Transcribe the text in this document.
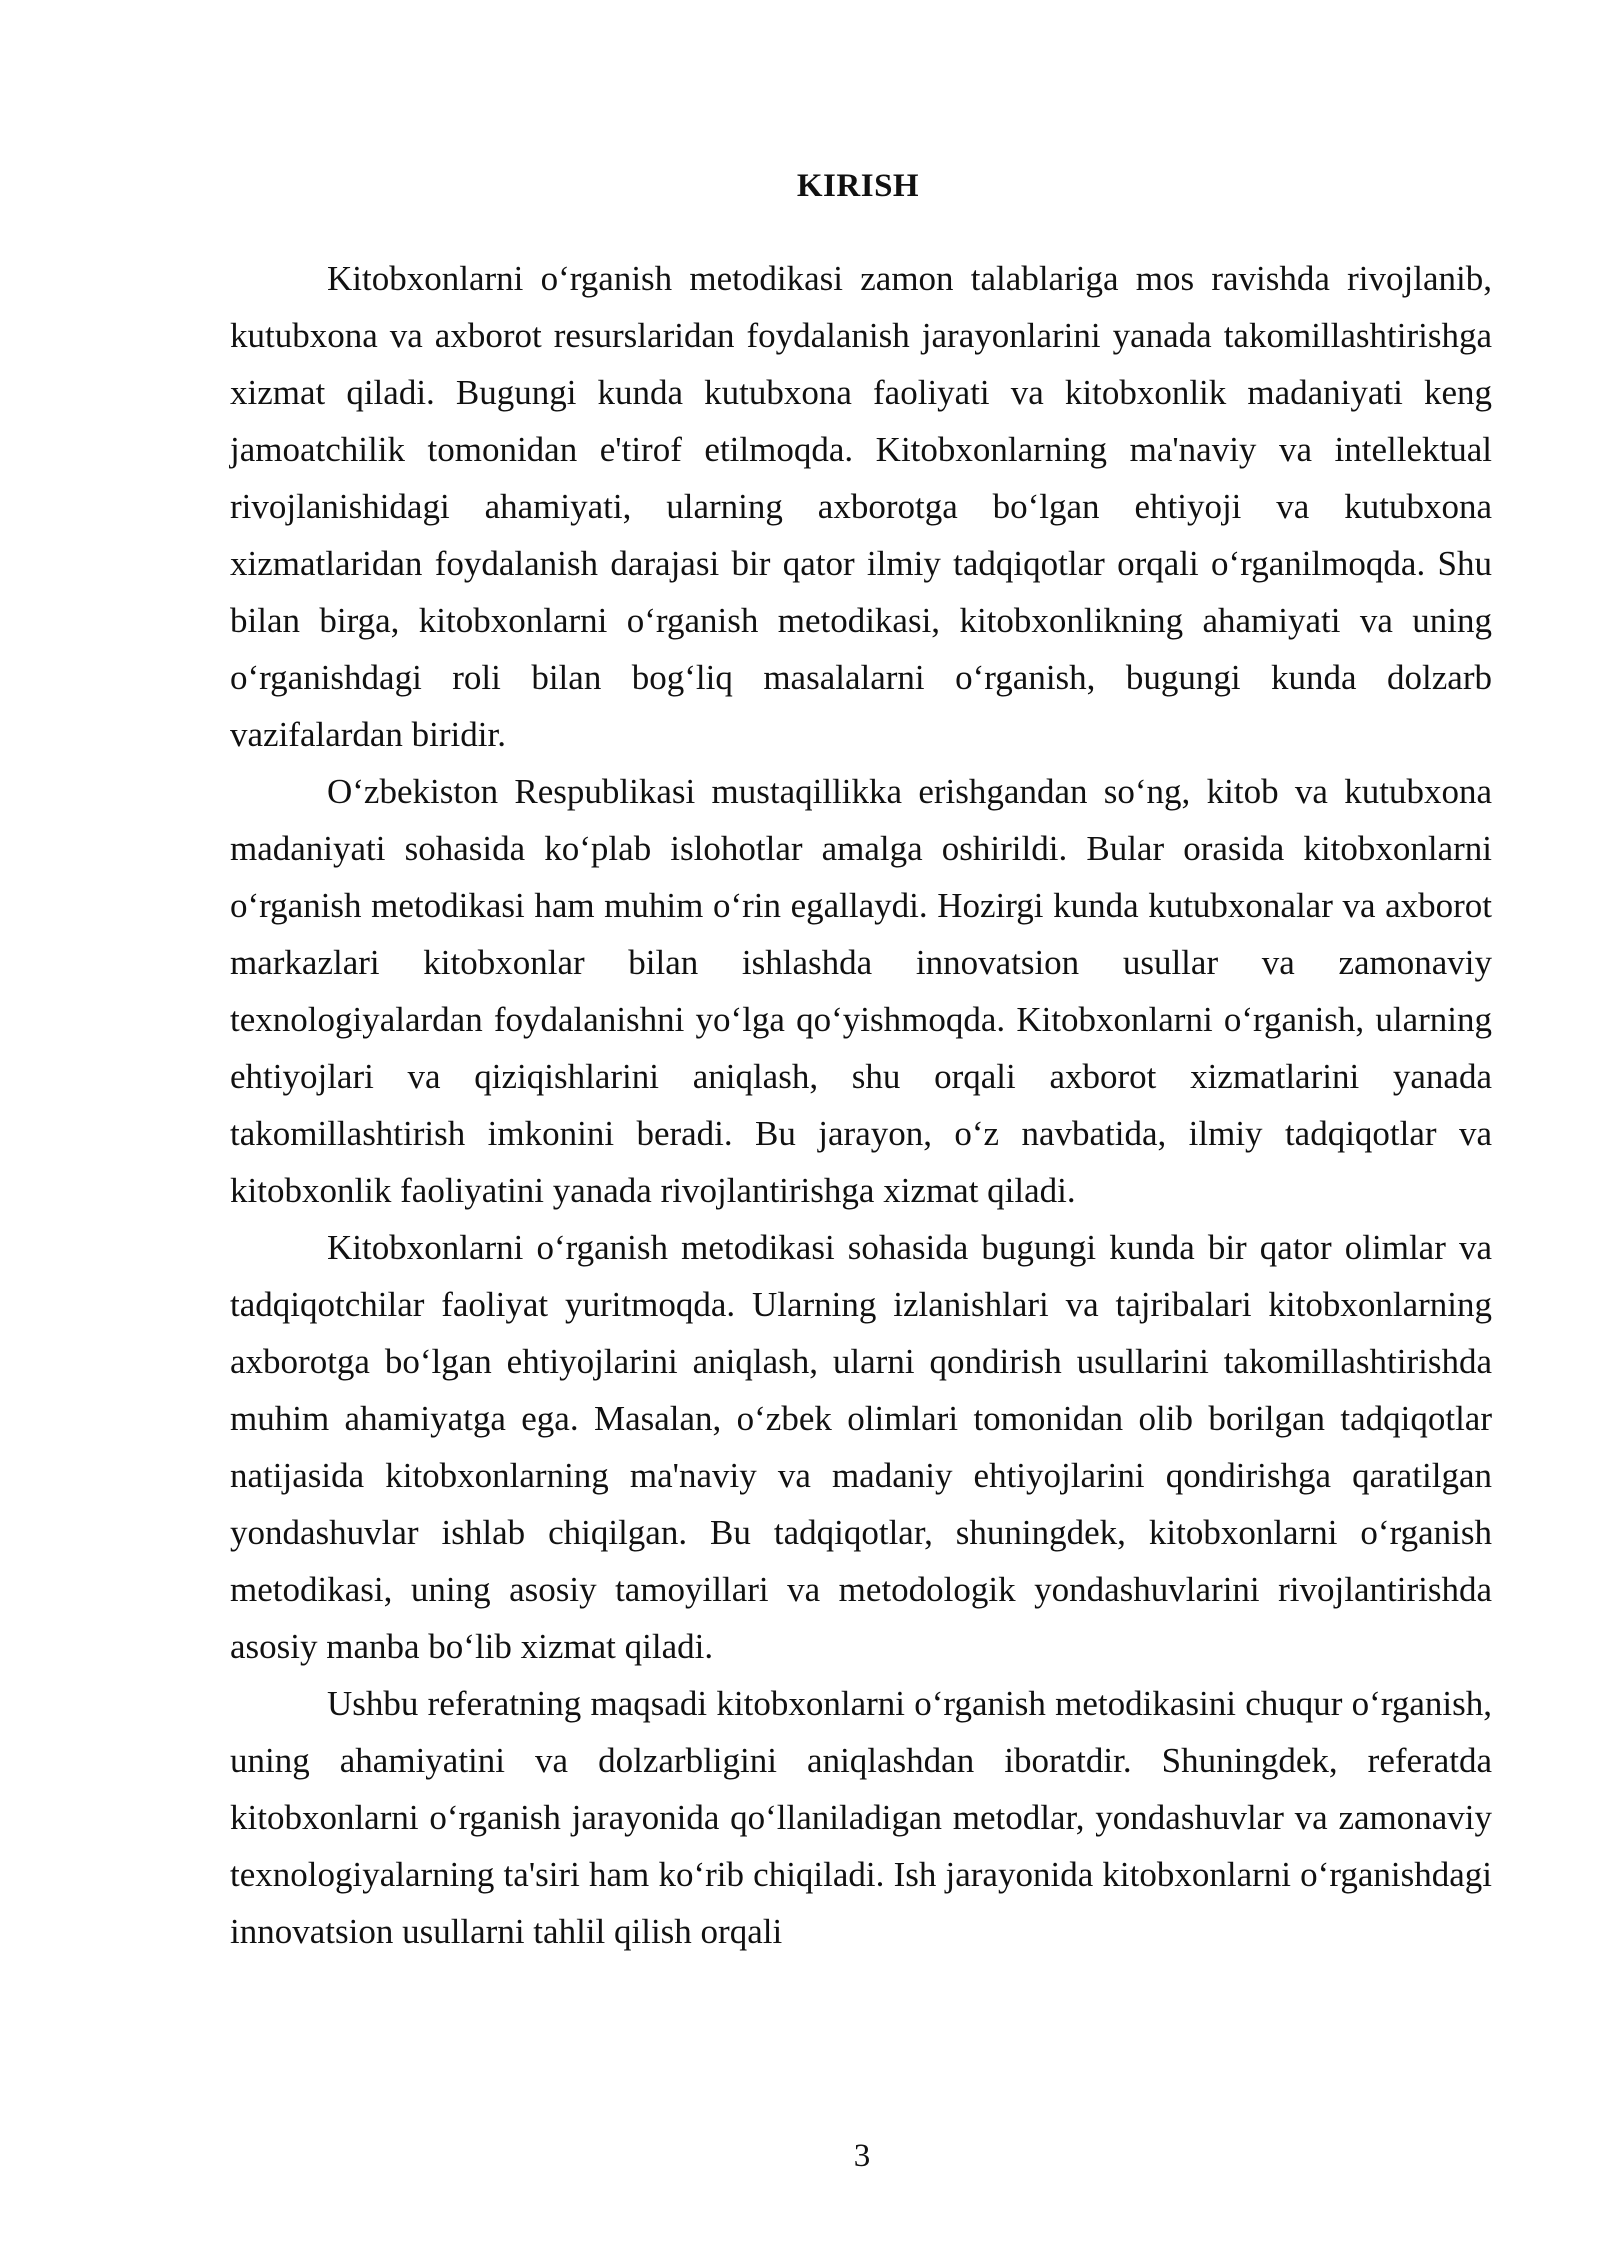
KIRISH

Kitobxonlarni o‘rganish metodikasi zamon talablariga mos ravishda rivojlanib, kutubxona va axborot resurslaridan foydalanish jarayonlarini yanada takomillashtirishga xizmat qiladi. Bugungi kunda kutubxona faoliyati va kitobxonlik madaniyati keng jamoatchilik tomonidan e'tirof etilmoqda. Kitobxonlarning ma'naviy va intellektual rivojlanishidagi ahamiyati, ularning axborotga bo‘lgan ehtiyoji va kutubxona xizmatlaridan foydalanish darajasi bir qator ilmiy tadqiqotlar orqali o‘rganilmoqda. Shu bilan birga, kitobxonlarni o‘rganish metodikasi, kitobxonlikning ahamiyati va uning o‘rganishdagi roli bilan bog‘liq masalalarni o‘rganish, bugungi kunda dolzarb vazifalardan biridir.

O‘zbekiston Respublikasi mustaqillikka erishgandan so‘ng, kitob va kutubxona madaniyati sohasida ko‘plab islohotlar amalga oshirildi. Bular orasida kitobxonlarni o‘rganish metodikasi ham muhim o‘rin egallaydi. Hozirgi kunda kutubxonalar va axborot markazlari kitobxonlar bilan ishlashda innovatsion usullar va zamonaviy texnologiyalardan foydalanishni yo‘lga qo‘yishmoqda. Kitobxonlarni o‘rganish, ularning ehtiyojlari va qiziqishlarini aniqlash, shu orqali axborot xizmatlarini yanada takomillashtirish imkonini beradi. Bu jarayon, o‘z navbatida, ilmiy tadqiqotlar va kitobxonlik faoliyatini yanada rivojlantirishga xizmat qiladi.

Kitobxonlarni o‘rganish metodikasi sohasida bugungi kunda bir qator olimlar va tadqiqotchilar faoliyat yuritmoqda. Ularning izlanishlari va tajribalari kitobxonlarning axborotga bo‘lgan ehtiyojlarini aniqlash, ularni qondirish usullarini takomillashtirishda muhim ahamiyatga ega. Masalan, o‘zbek olimlari tomonidan olib borilgan tadqiqotlar natijasida kitobxonlarning ma'naviy va madaniy ehtiyojlarini qondirishga qaratilgan yondashuvlar ishlab chiqilgan. Bu tadqiqotlar, shuningdek, kitobxonlarni o‘rganish metodikasi, uning asosiy tamoyillari va metodologik yondashuvlarini rivojlantirishda asosiy manba bo‘lib xizmat qiladi.

Ushbu referatning maqsadi kitobxonlarni o‘rganish metodikasini chuqur o‘rganish, uning ahamiyatini va dolzarbligini aniqlashdan iboratdir. Shuningdek, referatda kitobxonlarni o‘rganish jarayonida qo‘llaniladigan metodlar, yondashuvlar va zamonaviy texnologiyalarning ta'siri ham ko‘rib chiqiladi. Ish jarayonida kitobxonlarni o‘rganishdagi innovatsion usullarni tahlil qilish orqali

3
